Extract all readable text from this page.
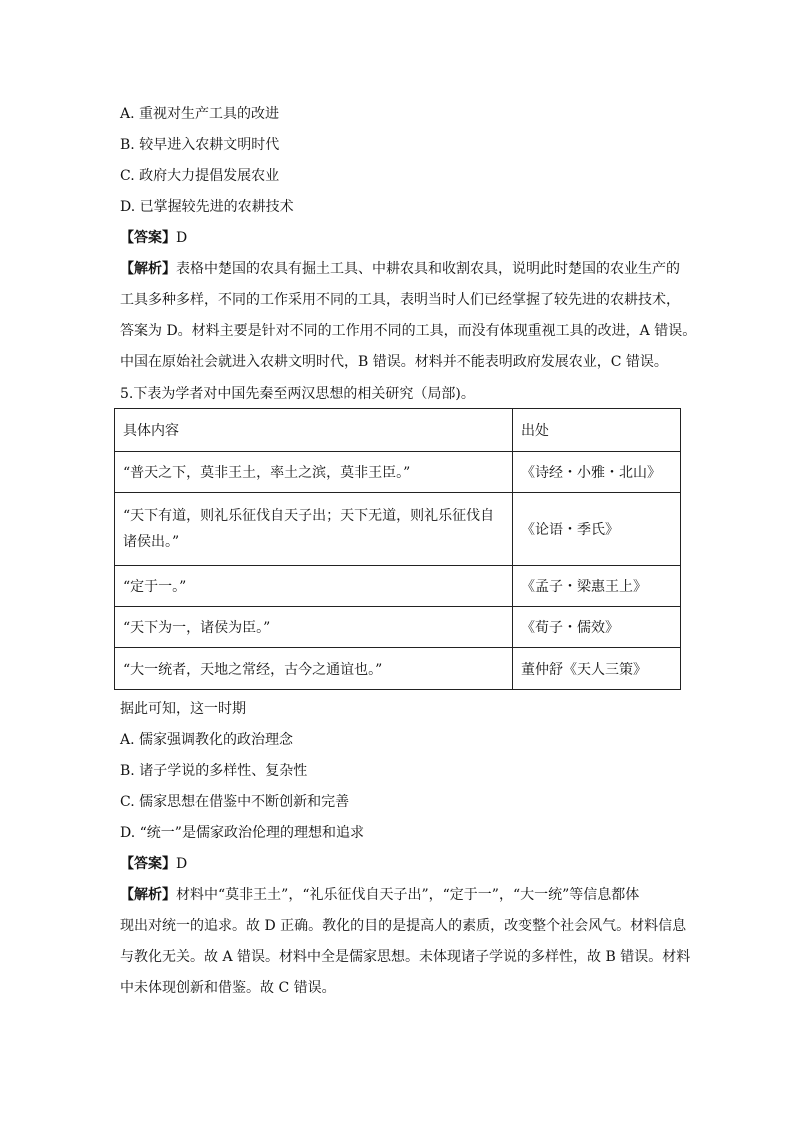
A. 重视对生产工具的改进
B. 较早进入农耕文明时代
C. 政府大力提倡发展农业
D. 已掌握较先进的农耕技术
【答案】D
【解析】表格中楚国的农具有掘土工具、中耕农具和收割农具，说明此时楚国的农业生产的
工具多种多样，不同的工作采用不同的工具，表明当时人们已经掌握了较先进的农耕技术，
答案为 D。材料主要是针对不同的工作用不同的工具，而没有体现重视工具的改进，A 错误。
中国在原始社会就进入农耕文明时代，B 错误。材料并不能表明政府发展农业，C 错误。
5.下表为学者对中国先秦至两汉思想的相关研究（局部)。
具体内容	出处
“普天之下，莫非王土，率土之滨，莫非王臣。”	《诗经・小雅・北山》

“天下有道，则礼乐征伐自天子出；天下无道，则礼乐征伐自诸侯出。”	《论语・季氏》
“定于一。”	《孟子・梁惠王上》
“天下为一，诸侯为臣。”	《荀子・儒效》
“大一统者，天地之常经，古今之通谊也。”	董仲舒《天人三策》
据此可知，这一时期
A. 儒家强调教化的政治理念
B. 诸子学说的多样性、复杂性
C. 儒家思想在借鉴中不断创新和完善
D. “统一”是儒家政治伦理的理想和追求
【答案】D
【解析】材料中“莫非王土”，“礼乐征伐自天子出”，“定于一”，“大一统”等信息都体
现出对统一的追求。故 D 正确。教化的目的是提高人的素质，改变整个社会风气。材料信息
与教化无关。故 A 错误。材料中全是儒家思想。未体现诸子学说的多样性，故 B 错误。材料
中未体现创新和借鉴。故 C 错误。
